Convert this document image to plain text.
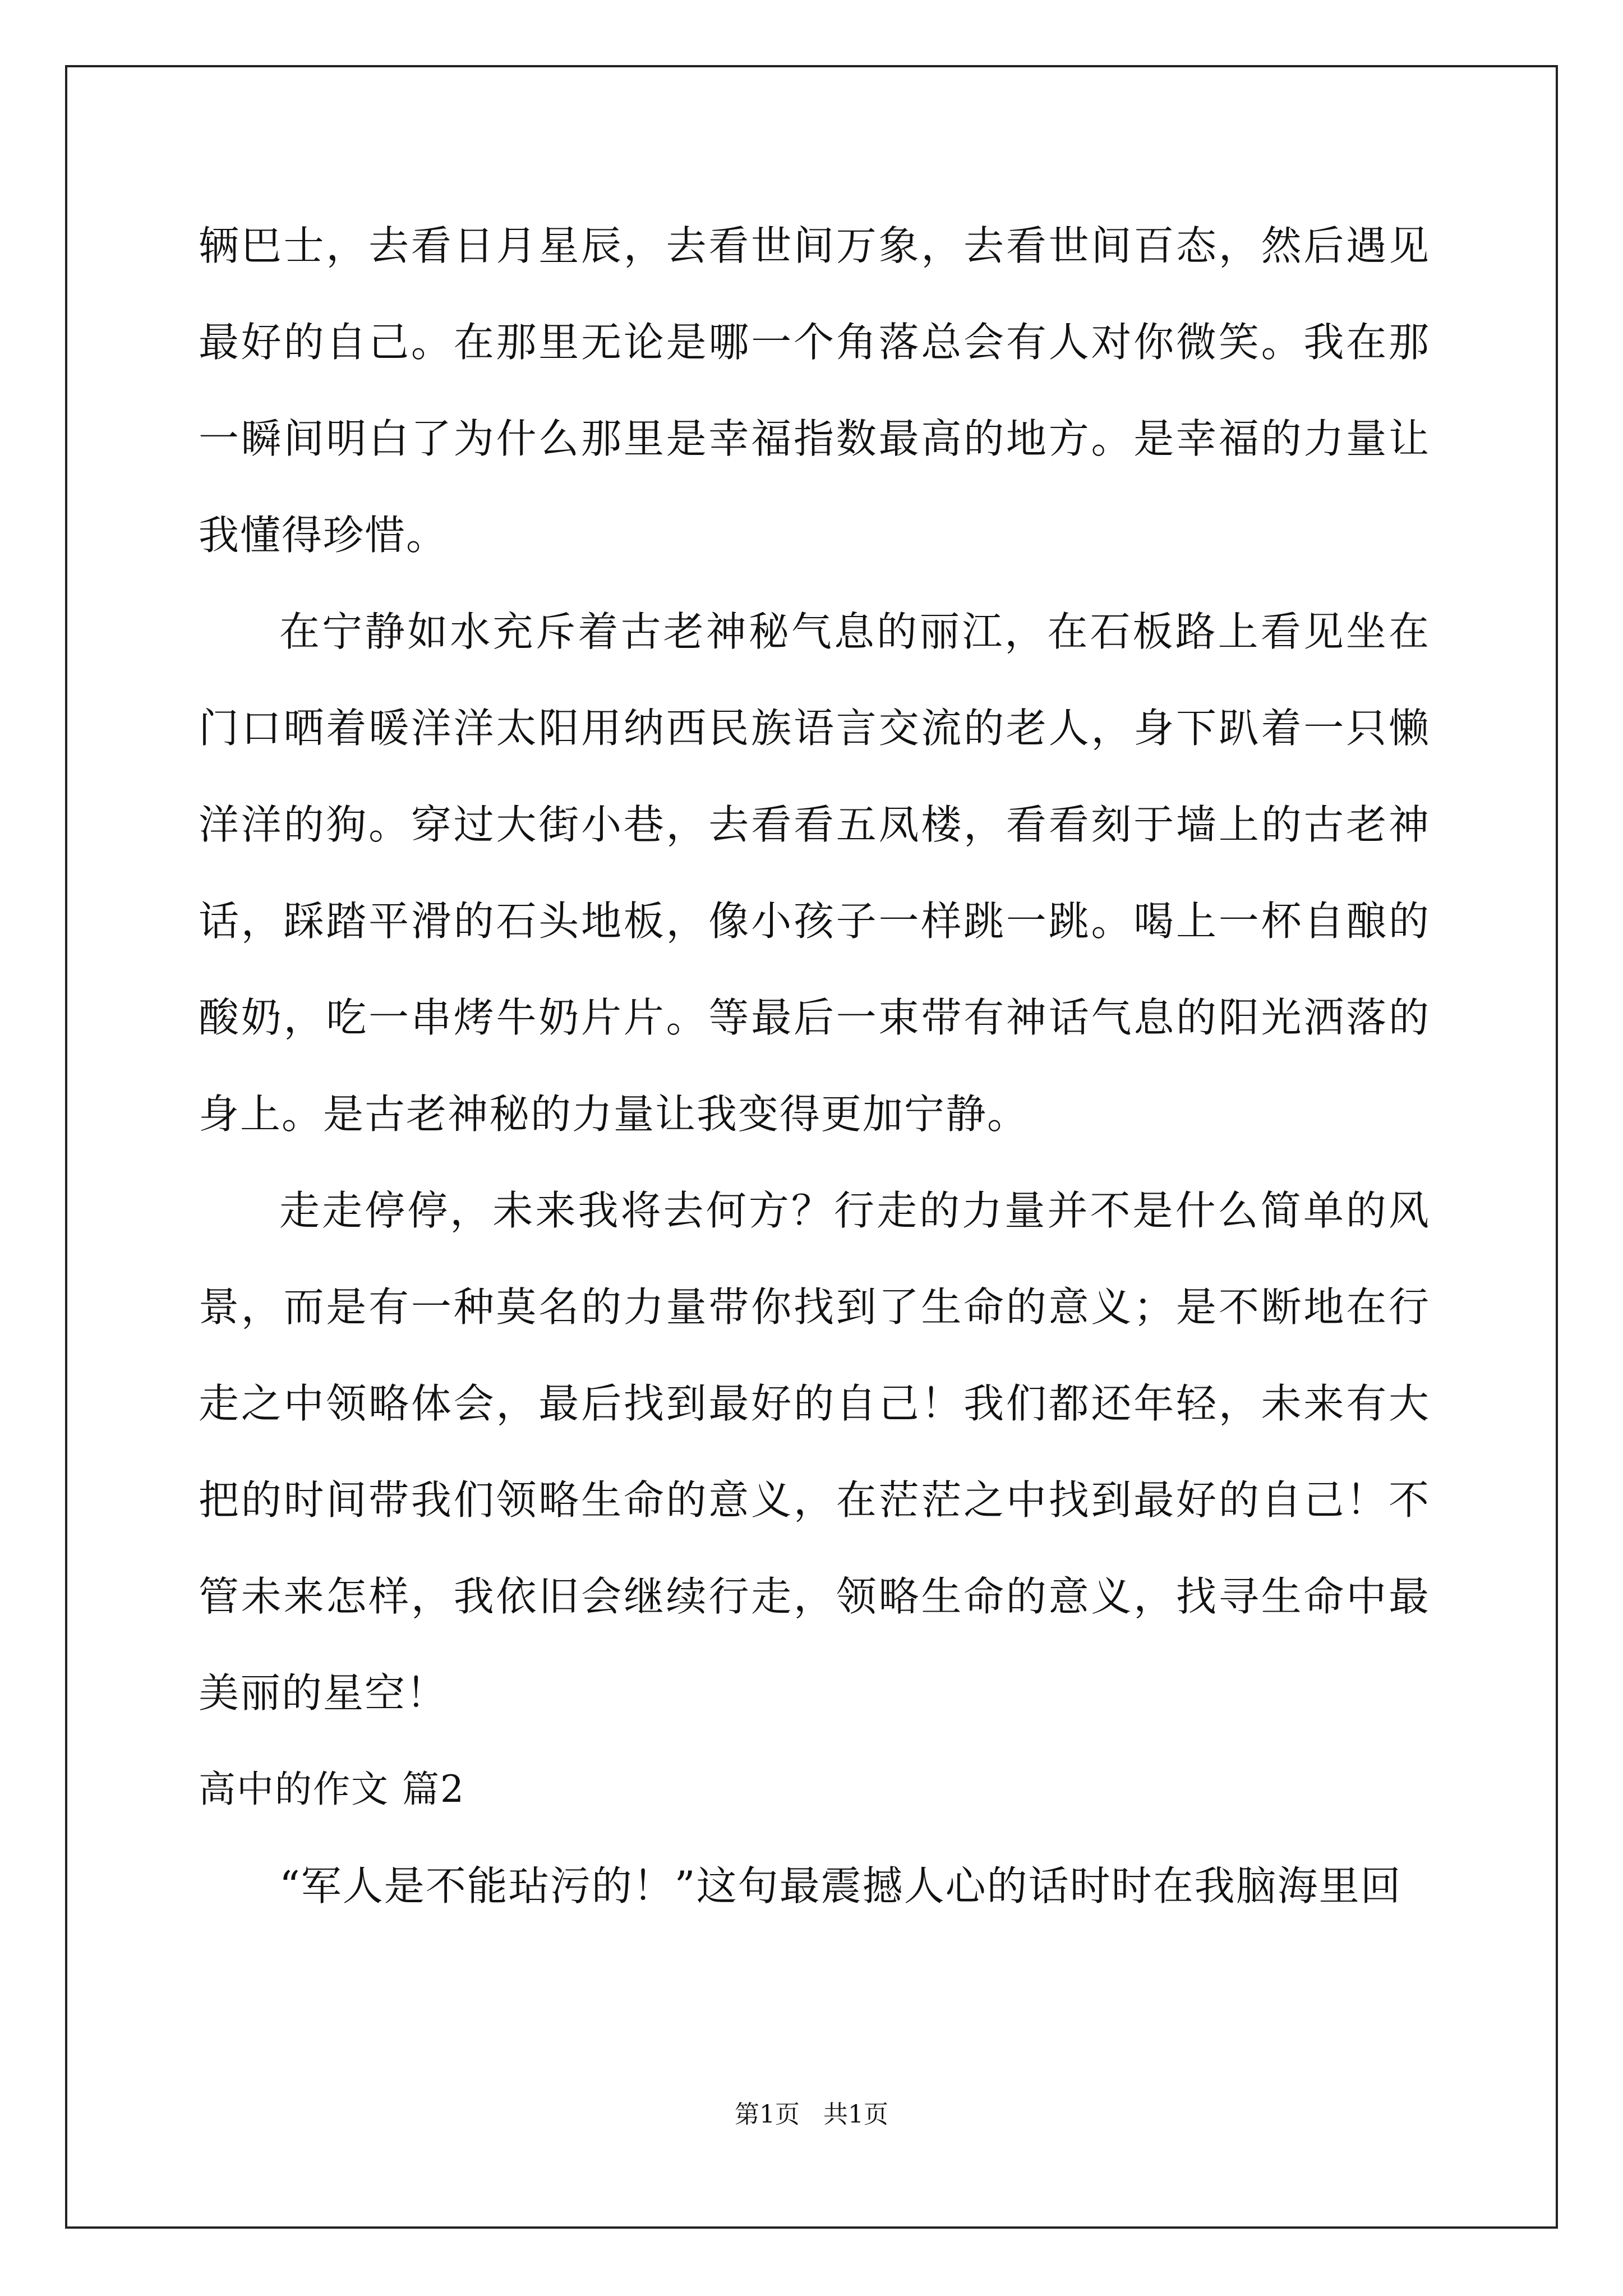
辆巴士，去看日月星辰，去看世间万象，去看世间百态，然后遇见最好的自己。在那里无论是哪一个角落总会有人对你微笑。我在那一瞬间明白了为什么那里是幸福指数最高的地方。是幸福的力量让我懂得珍惜。

在宁静如水充斥着古老神秘气息的丽江，在石板路上看见坐在门口晒着暖洋洋太阳用纳西民族语言交流的老人，身下趴着一只懒洋洋的狗。穿过大街小巷，去看看五凤楼，看看刻于墙上的古老神话，踩踏平滑的石头地板，像小孩子一样跳一跳。喝上一杯自酿的酸奶，吃一串烤牛奶片片。等最后一束带有神话气息的阳光洒落的身上。是古老神秘的力量让我变得更加宁静。

走走停停，未来我将去何方？行走的力量并不是什么简单的风景，而是有一种莫名的力量带你找到了生命的意义；是不断地在行走之中领略体会，最后找到最好的自己！我们都还年轻，未来有大把的时间带我们领略生命的意义，在茫茫之中找到最好的自己！不管未来怎样，我依旧会继续行走，领略生命的意义，找寻生命中最美丽的星空！

高中的作文 篇2

“军人是不能玷污的！”这句最震撼人心的话时时在我脑海里回

第1页   共1页
